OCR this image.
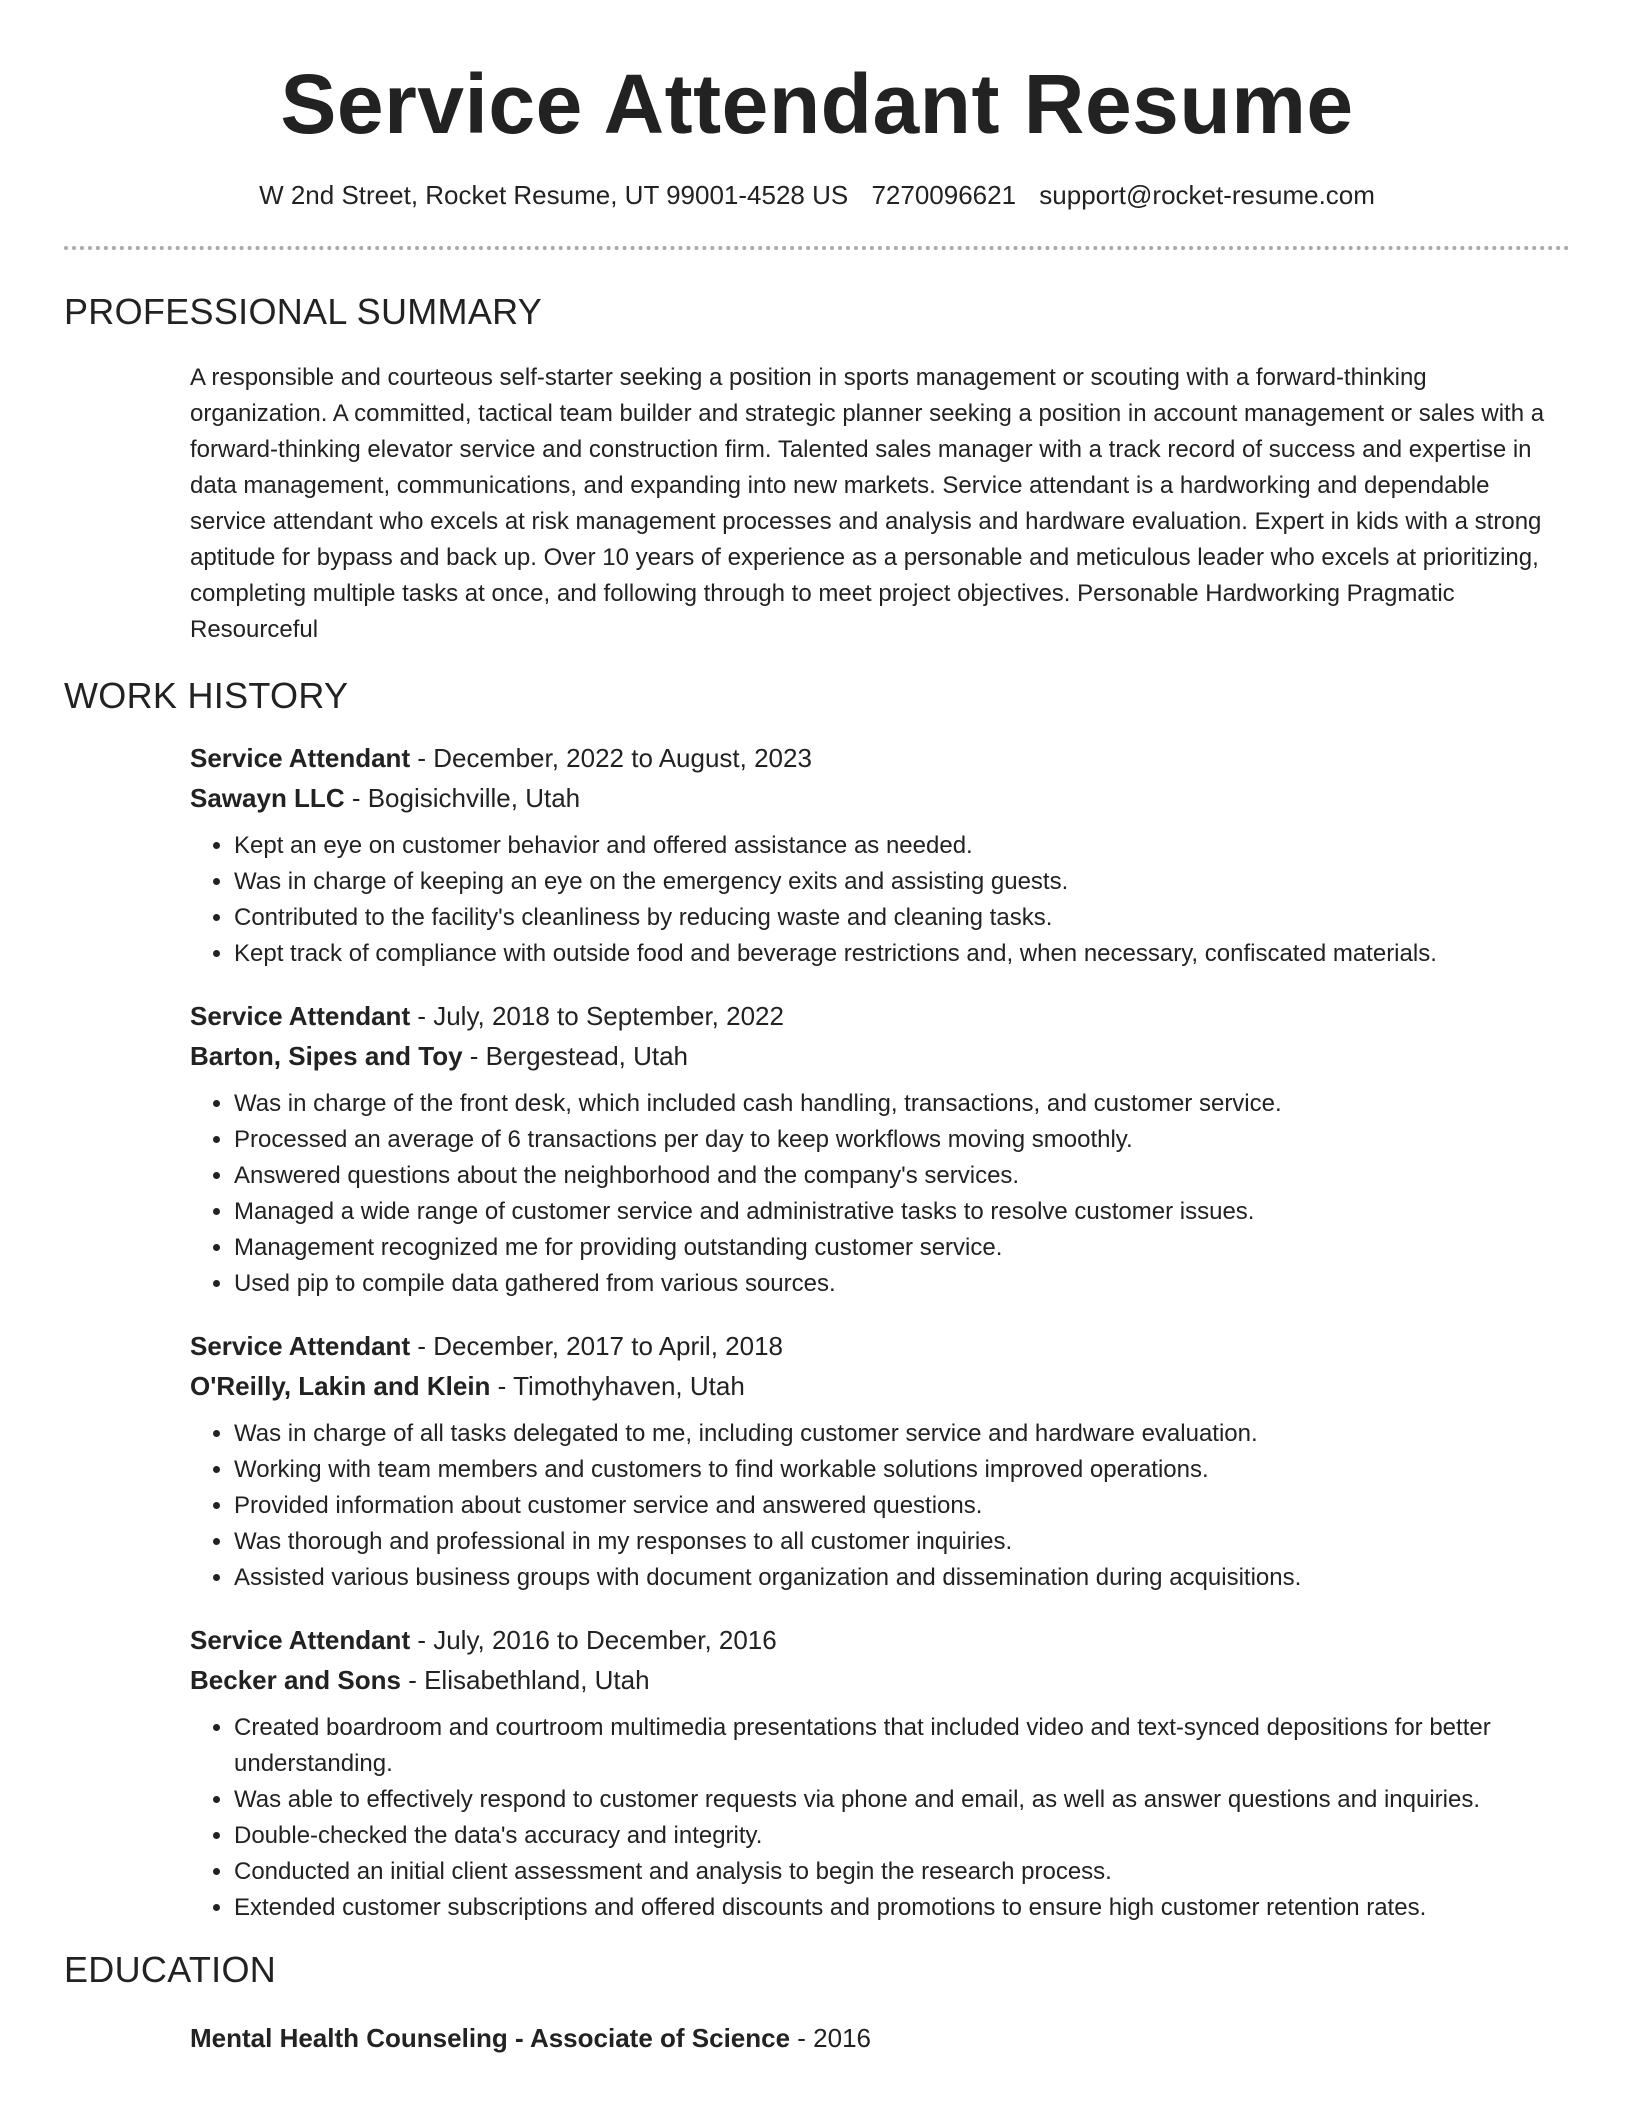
Service Attendant Resume
W 2nd Street, Rocket Resume, UT 99001-4528 US 7270096621 support@rocket-resume.com
PROFESSIONAL SUMMARY

A responsible and courteous self-starter seeking a position in sports management or scouting with a forward-thinking organization. A committed, tactical team builder and strategic planner seeking a position in account management or sales with a forward-thinking elevator service and construction firm. Talented sales manager with a track record of success and expertise in data management, communications, and expanding into new markets. Service attendant is a hardworking and dependable service attendant who excels at risk management processes and analysis and hardware evaluation. Expert in kids with a strong aptitude for bypass and back up. Over 10 years of experience as a personable and meticulous leader who excels at prioritizing, completing multiple tasks at once, and following through to meet project objectives. Personable Hardworking Pragmatic Resourceful

WORK HISTORY
Service Attendant - December, 2022 to August, 2023
Sawayn LLC - Bogisichville, Utah
• Kept an eye on customer behavior and offered assistance as needed.
• Was in charge of keeping an eye on the emergency exits and assisting guests.
• Contributed to the facility's cleanliness by reducing waste and cleaning tasks.
• Kept track of compliance with outside food and beverage restrictions and, when necessary, confiscated materials.
Service Attendant - July, 2018 to September, 2022
Barton, Sipes and Toy - Bergestead, Utah
• Was in charge of the front desk, which included cash handling, transactions, and customer service.
• Processed an average of 6 transactions per day to keep workflows moving smoothly.
• Answered questions about the neighborhood and the company's services.
• Managed a wide range of customer service and administrative tasks to resolve customer issues.
• Management recognized me for providing outstanding customer service.
• Used pip to compile data gathered from various sources.
Service Attendant - December, 2017 to April, 2018
O'Reilly, Lakin and Klein - Timothyhaven, Utah
• Was in charge of all tasks delegated to me, including customer service and hardware evaluation.
• Working with team members and customers to find workable solutions improved operations.
• Provided information about customer service and answered questions.
• Was thorough and professional in my responses to all customer inquiries.
• Assisted various business groups with document organization and dissemination during acquisitions.
Service Attendant - July, 2016 to December, 2016
Becker and Sons - Elisabethland, Utah
• Created boardroom and courtroom multimedia presentations that included video and text-synced depositions for better understanding.
• Was able to effectively respond to customer requests via phone and email, as well as answer questions and inquiries.
• Double-checked the data's accuracy and integrity.
• Conducted an initial client assessment and analysis to begin the research process.
• Extended customer subscriptions and offered discounts and promotions to ensure high customer retention rates.
EDUCATION
Mental Health Counseling - Associate of Science - 2016
